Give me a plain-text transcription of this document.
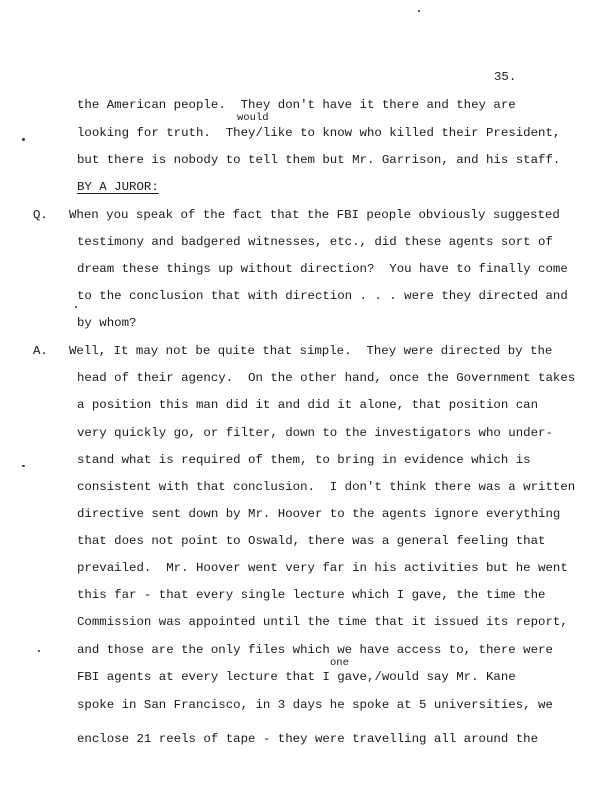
35.
the American people.  They don't have it there and they are
would
looking for truth.  They/like to know who killed their President,
but there is nobody to tell them but Mr. Garrison, and his staff.
BY A JUROR:
Q. When you speak of the fact that the FBI people obviously suggested
testimony and badgered witnesses, etc., did these agents sort of
dream these things up without direction?  You have to finally come
to the conclusion that with direction . . . were they directed and
by whom?
A. Well, It may not be quite that simple.  They were directed by the
head of their agency.  On the other hand, once the Government takes
a position this man did it and did it alone, that position can
very quickly go, or filter, down to the investigators who under-
stand what is required of them, to bring in evidence which is
consistent with that conclusion.  I don't think there was a written
directive sent down by Mr. Hoover to the agents ignore everything
that does not point to Oswald, there was a general feeling that
prevailed.  Mr. Hoover went very far in his activities but he went
this far - that every single lecture which I gave, the time the
Commission was appointed until the time that it issued its report,
and those are the only files which we have access to, there were
one
FBI agents at every lecture that I gave,/would say Mr. Kane
spoke in San Francisco, in 3 days he spoke at 5 universities, we
enclose 21 reels of tape - they were travelling all around the
